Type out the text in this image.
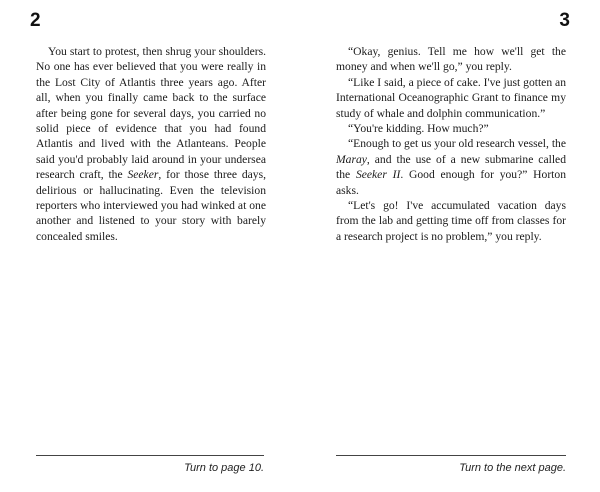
2

You start to protest, then shrug your shoulders. No one has ever believed that you were really in the Lost City of Atlantis three years ago. After all, when you finally came back to the surface after being gone for several days, you carried no solid piece of evidence that you had found Atlantis and lived with the Atlanteans. People said you'd probably laid around in your undersea research craft, the Seeker, for those three days, delirious or hallucinating. Even the television reporters who interviewed you had winked at one another and listened to your story with barely concealed smiles.

Turn to page 10.
3

“Okay, genius. Tell me how we'll get the money and when we'll go,” you reply.

“Like I said, a piece of cake. I've just gotten an International Oceanographic Grant to finance my study of whale and dolphin communication.”

“You're kidding. How much?”

“Enough to get us your old research vessel, the Maray, and the use of a new submarine called the Seeker II. Good enough for you?” Horton asks.

“Let's go! I've accumulated vacation days from the lab and getting time off from classes for a research project is no problem,” you reply.

Turn to the next page.
